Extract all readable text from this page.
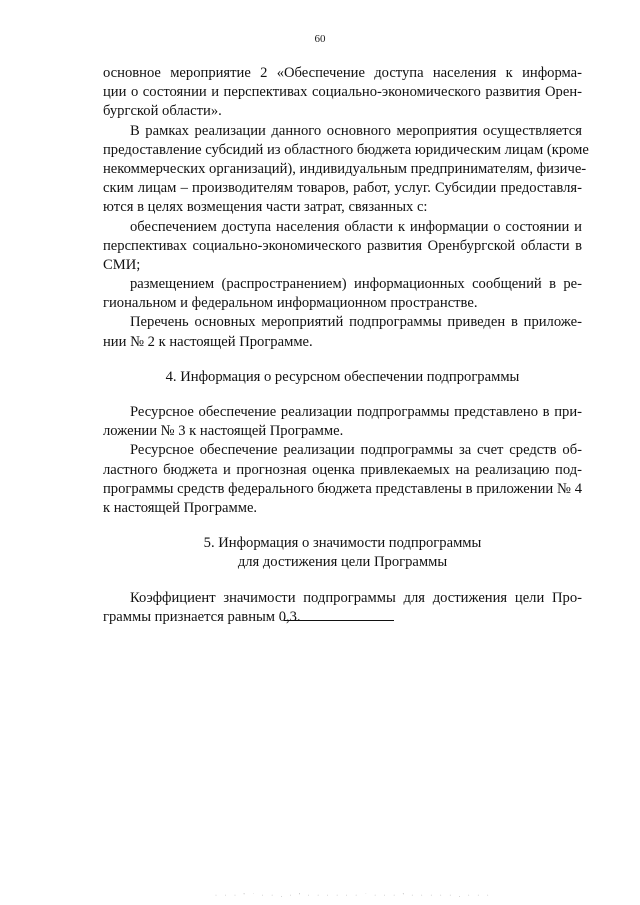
60
основное мероприятие 2 «Обеспечение доступа населения к информа-
ции о состоянии и перспективах социально-экономического развития Орен-
бургской области».
В рамках реализации данного основного мероприятия осуществляется
предоставление субсидий из областного бюджета юридическим лицам (кроме
некоммерческих организаций), индивидуальным предпринимателям, физиче-
ским лицам – производителям товаров, работ, услуг. Субсидии предоставля-
ются в целях возмещения части затрат, связанных с:
обеспечением доступа населения области к информации о состоянии и
перспективах социально-экономического развития Оренбургской области в
СМИ;
размещением (распространением) информационных сообщений в ре-
гиональном и федеральном информационном пространстве.
Перечень основных мероприятий подпрограммы приведен в приложе-
нии № 2 к настоящей Программе.
4. Информация о ресурсном обеспечении подпрограммы
Ресурсное обеспечение реализации подпрограммы представлено в при-
ложении № 3 к настоящей Программе.
Ресурсное обеспечение реализации подпрограммы за счет средств об-
ластного бюджета и прогнозная оценка привлекаемых на реализацию под-
программы средств федерального бюджета представлены в приложении № 4
к настоящей Программе.
5. Информация о значимости подпрограммы
для достижения цели Программы
Коэффициент значимости подпрограммы для достижения цели Про-
граммы признается равным 0,3.
· · · ' ` · · . · ' · · · · · · ` · · · ' · · · · · . · · ·
